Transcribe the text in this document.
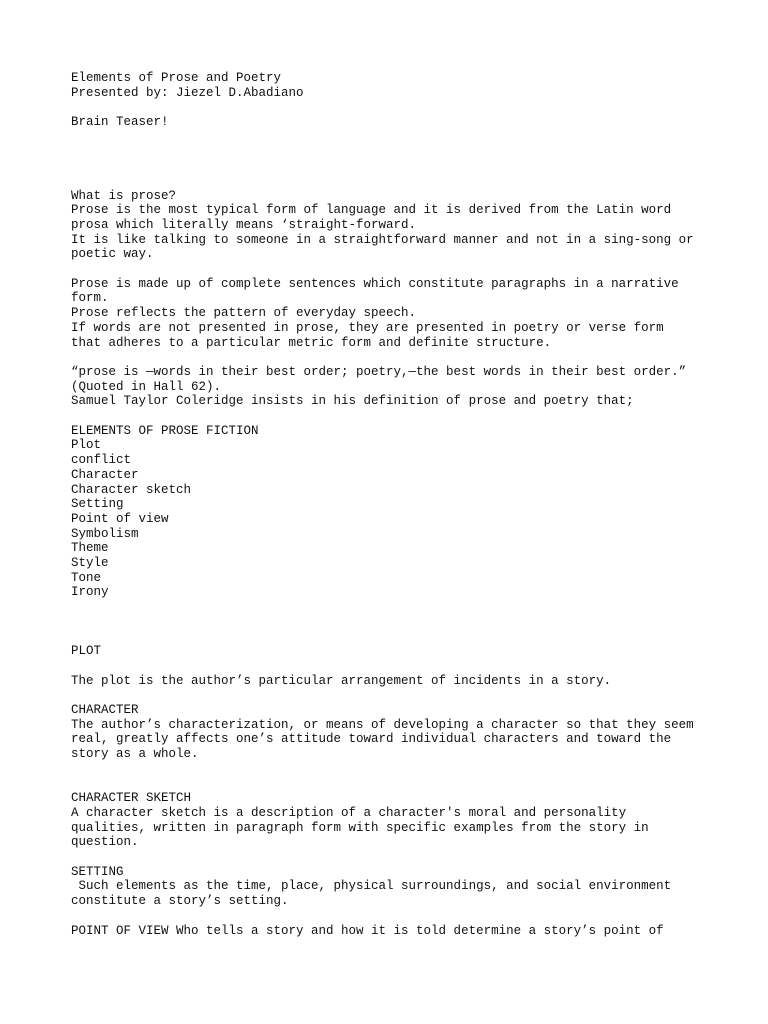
Elements of Prose and Poetry
Presented by: Jiezel D.Abadiano
Brain Teaser!
What is prose?
Prose is the most typical form of language and it is derived from the Latin word
prosa which literally means ‘straight-forward.
It is like talking to someone in a straightforward manner and not in a sing-song or
poetic way.
Prose is made up of complete sentences which constitute paragraphs in a narrative
form.
Prose reflects the pattern of everyday speech.
If words are not presented in prose, they are presented in poetry or verse form
that adheres to a particular metric form and definite structure.
“prose is —words in their best order; poetry,—the best words in their best order.”
(Quoted in Hall 62).
Samuel Taylor Coleridge insists in his definition of prose and poetry that;
ELEMENTS OF PROSE FICTION
Plot
conflict
Character
Character sketch
Setting
Point of view
Symbolism
Theme
Style
Tone
Irony
PLOT
The plot is the author’s particular arrangement of incidents in a story.
CHARACTER
The author’s characterization, or means of developing a character so that they seem
real, greatly affects one’s attitude toward individual characters and toward the
story as a whole.
CHARACTER SKETCH
A character sketch is a description of a character's moral and personality
qualities, written in paragraph form with specific examples from the story in
question.
SETTING
Such elements as the time, place, physical surroundings, and social environment
constitute a story’s setting.
POINT OF VIEW Who tells a story and how it is told determine a story’s point of
